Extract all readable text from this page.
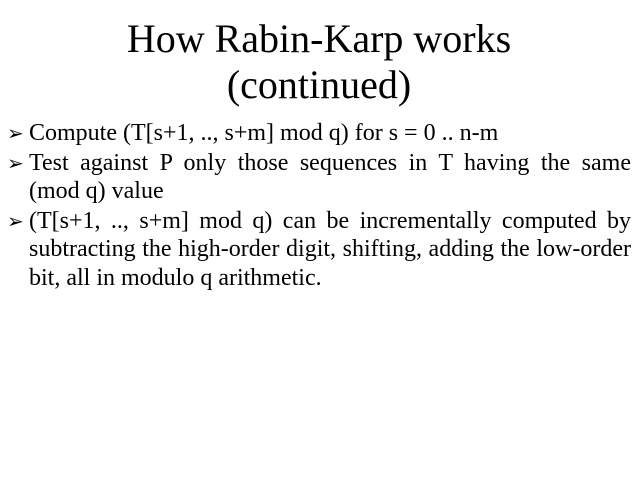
How Rabin-Karp works
(continued)
➢ Compute (T[s+1, .., s+m] mod q) for s = 0 .. n-m
➢ Test against P only those sequences in T having the same (mod q) value
➢ (T[s+1, .., s+m] mod q) can be incrementally computed by subtracting the high-order digit, shifting, adding the low-order bit, all in modulo q arithmetic.
